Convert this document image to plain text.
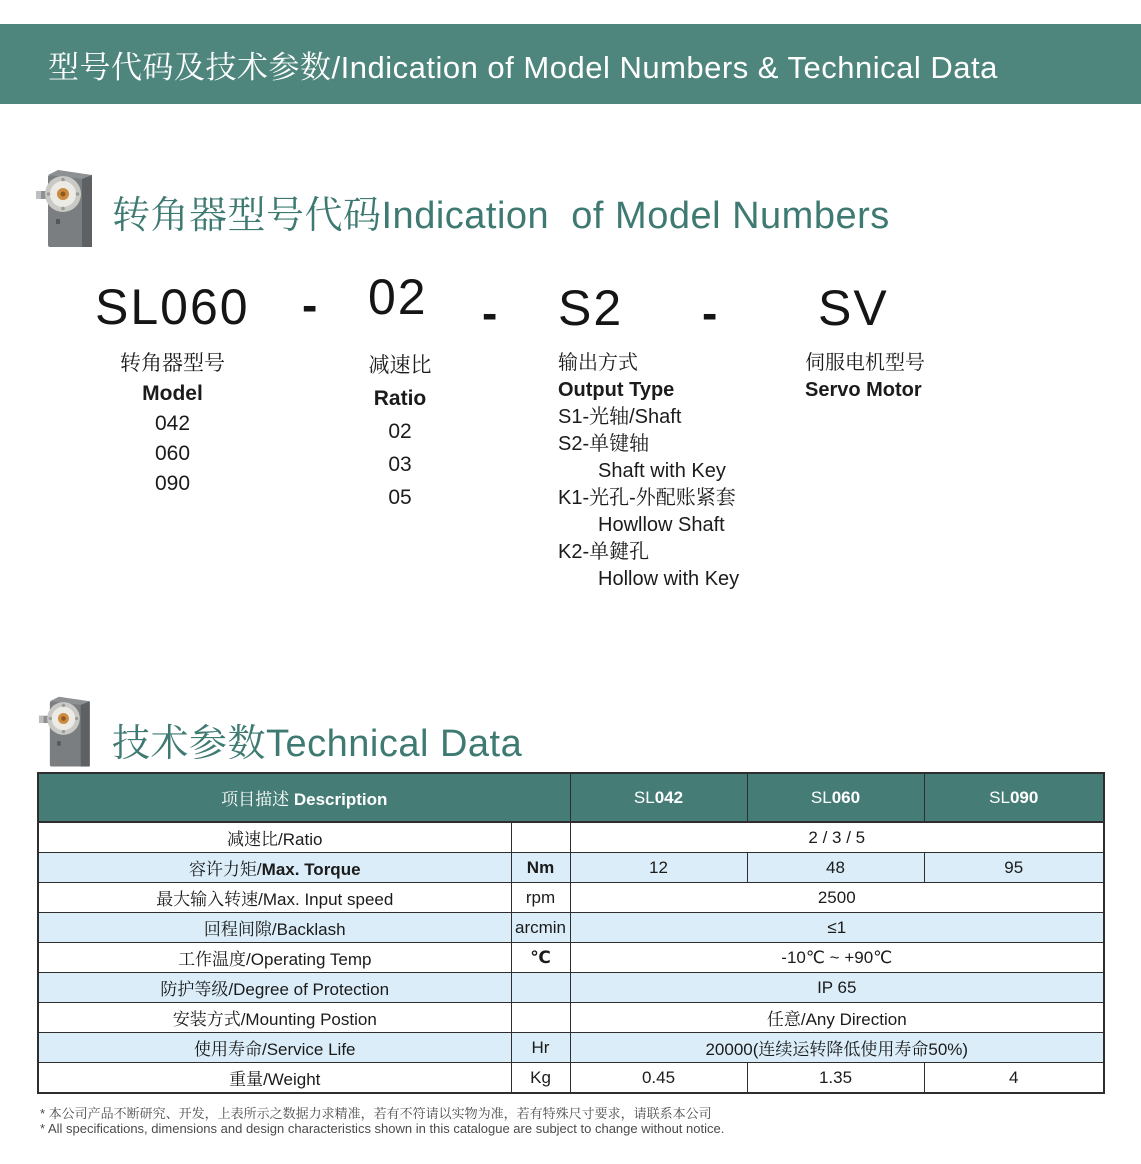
型号代码及技术参数/Indication of Model Numbers & Technical Data
转角器型号代码Indication  of Model Numbers
SL060 - 02 - S2 - SV
转角器型号
Model
042
060
090
减速比
Ratio
02
03
05
输出方式
Output Type
S1-光轴/Shaft
S2-单键轴
Shaft with Key
K1-光孔-外配账紧套
Howllow Shaft
K2-单鍵孔
Hollow with Key
伺服电机型号
Servo Motor
技术参数Technical Data
项目描述 Description		SL042	SL060	SL090
减速比/Ratio		2 / 3 / 5		
容许力矩/Max. Torque	Nm	12	48	95
最大输入转速/Max. Input speed	rpm	2500		
回程间隙/Backlash	arcmin	≤1		
工作温度/Operating Temp	℃	-10℃ ~ +90℃		
防护等级/Degree of Protection		IP 65		
安装方式/Mounting Postion		任意/Any Direction		
使用寿命/Service Life	Hr	20000(连续运转降低使用寿命50%)		
重量/Weight	Kg	0.45	1.35	4
* 本公司产品不断研究、开发，上表所示之数据力求精准，若有不符请以实物为准，若有特殊尺寸要求，请联系本公司
* All specifications, dimensions and design characteristics shown in this catalogue are subject to change without notice.
